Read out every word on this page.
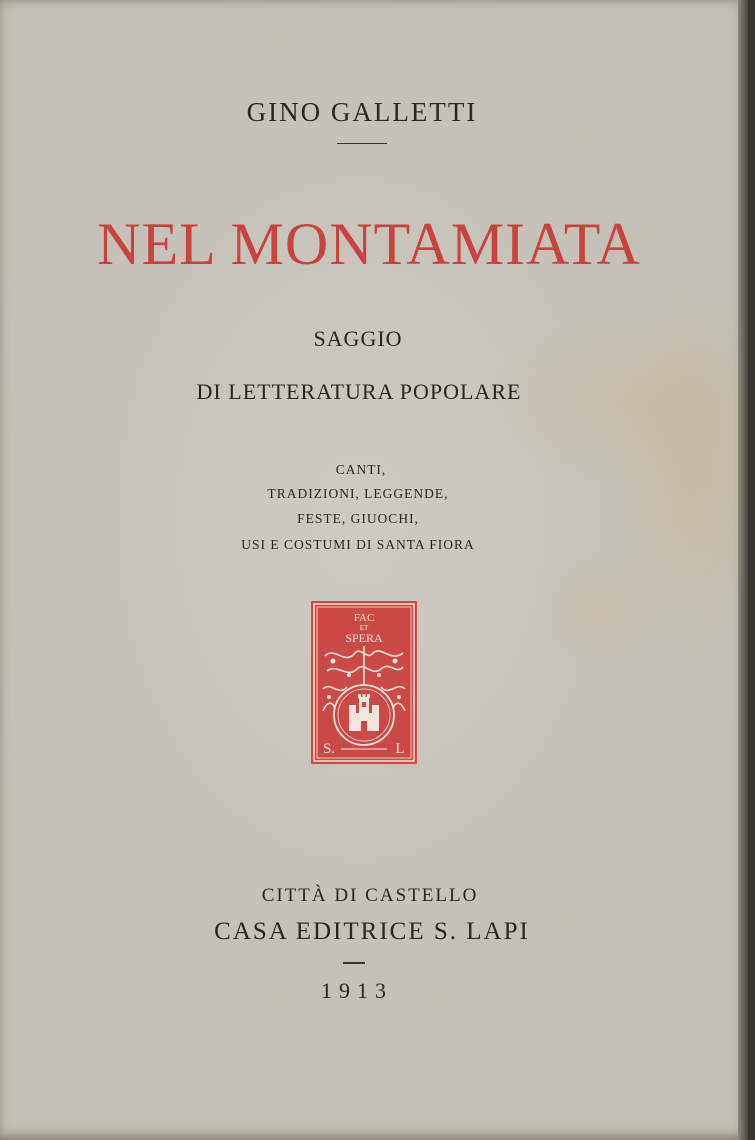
GINO GALLETTI
NEL MONTAMIATA
SAGGIO
DI LETTERATURA POPOLARE
CANTI,
TRADIZIONI, LEGGENDE,
FESTE, GIUOCHI,
USI E COSTUMI DI SANTA FIORA
FAC
ET
SPERA
S.	L
CITTÀ DI CASTELLO
CASA EDITRICE S. LAPI
1913
